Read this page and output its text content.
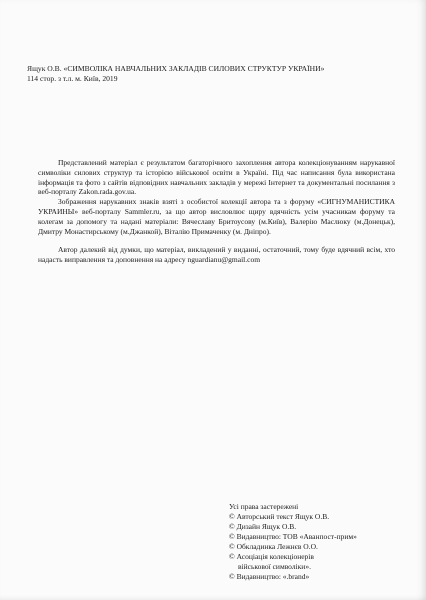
Ящук О.В. «СИМВОЛІКА НАВЧАЛЬНИХ ЗАКЛАДІВ СИЛОВИХ СТРУКТУР УКРАЇНИ»
114 стор. з т.л. м. Київ, 2019

Представлений матеріал є результатом багаторічного захоплення автора колекціонуванням нарукавної символіки силових структур та історією військової освіти в Україні. Під час написання була використана інформація та фото з сайтів відповідних навчальних закладів у мережі Інтернет та документальні посилання з веб-порталу Zakon.rada.gov.ua.

Зображення нарукавних знаків взяті з особистої колекції автора та з форуму «СИГНУМАНИСТИКА УКРАИНЫ» веб-порталу Sammler.ru, за що автор висловлює щиру вдячність усім учасникам форуму та колегам за допомогу та надані матеріали: Вячеславу Бритоусову (м.Київ), Валерію Маслюку (м.Донецьк), Дмитру Монастирському (м.Джанкой), Віталію Примаченку (м. Дніпро).

Автор далекий від думки, що матеріал, викладений у виданні, остаточний, тому буде вдячний всім, хто надасть виправлення та доповнення на адресу nguardianu@gmail.com

Усі права застережені
© Авторський текст Ящук О.В.
© Дизайн Ящук О.В.
© Видавництво: ТОВ «Аванпост-прим»
© Обкладинка Лежнєв О.О.
© Асоціація колекціонерів
військової символіки».
© Видавництво: «.brand»
